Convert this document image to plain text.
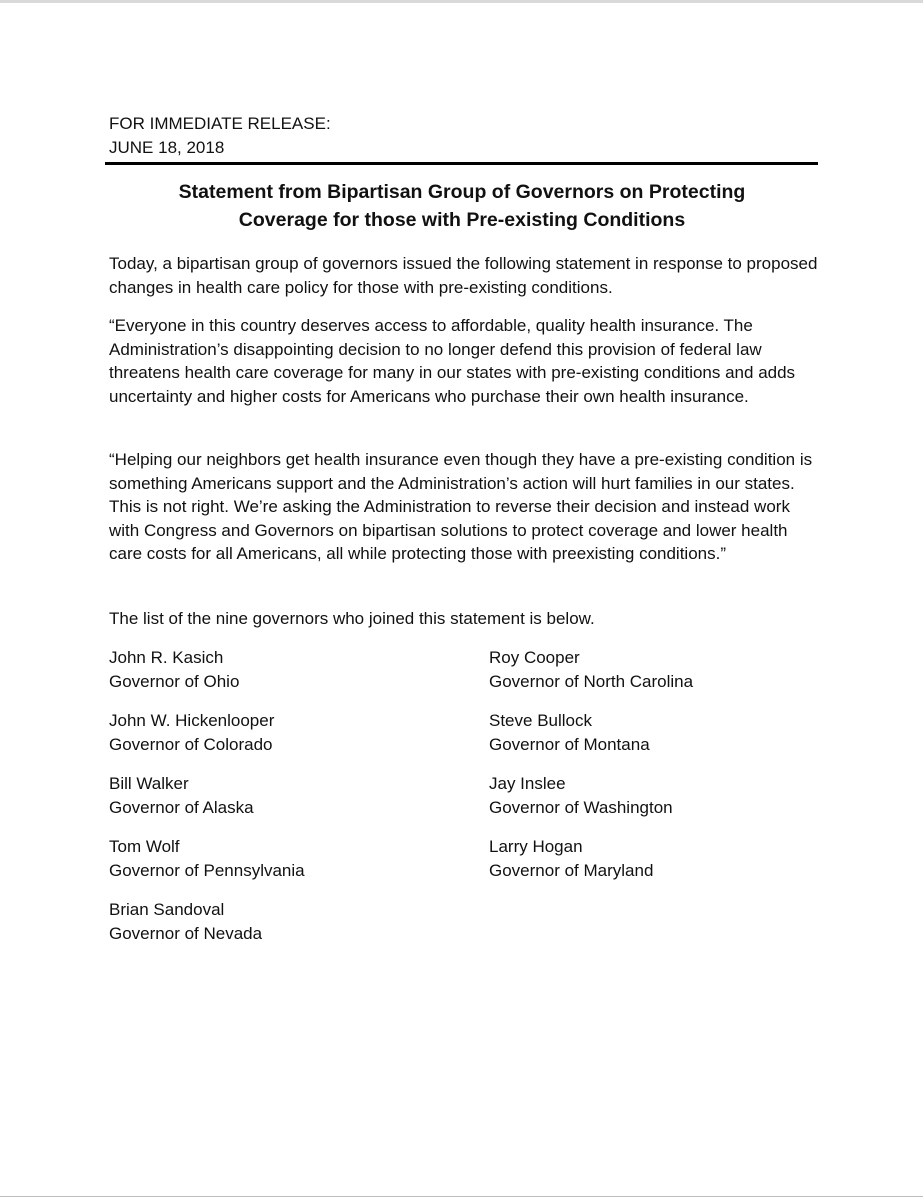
FOR IMMEDIATE RELEASE:
JUNE 18, 2018
Statement from Bipartisan Group of Governors on Protecting
Coverage for those with Pre-existing Conditions

Today, a bipartisan group of governors issued the following statement in response to proposed changes in health care policy for those with pre-existing conditions.

“Everyone in this country deserves access to affordable, quality health insurance. The Administration’s disappointing decision to no longer defend this provision of federal law threatens health care coverage for many in our states with pre-existing conditions and adds uncertainty and higher costs for Americans who purchase their own health insurance.

“Helping our neighbors get health insurance even though they have a pre-existing condition is something Americans support and the Administration’s action will hurt families in our states. This is not right. We’re asking the Administration to reverse their decision and instead work with Congress and Governors on bipartisan solutions to protect coverage and lower health care costs for all Americans, all while protecting those with preexisting conditions.”

The list of the nine governors who joined this statement is below.

John R. Kasich
Governor of Ohio
John W. Hickenlooper
Governor of Colorado
Bill Walker
Governor of Alaska
Tom Wolf
Governor of Pennsylvania
Brian Sandoval
Governor of Nevada
Roy Cooper
Governor of North Carolina
Steve Bullock
Governor of Montana
Jay Inslee
Governor of Washington
Larry Hogan
Governor of Maryland
